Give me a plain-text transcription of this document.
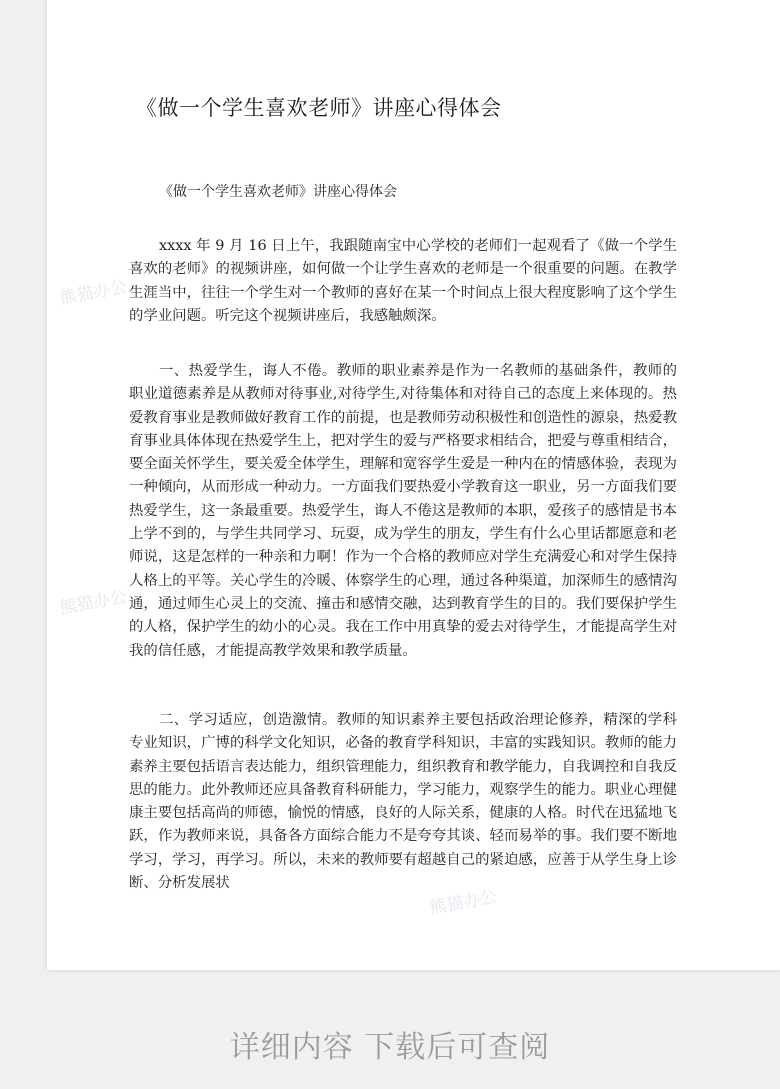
《做一个学生喜欢老师》讲座心得体会

《做一个学生喜欢老师》讲座心得体会

xxxx 年 9 月 16 日上午，我跟随南宝中心学校的老师们一起观看了《做一个学生喜欢的老师》的视频讲座，如何做一个让学生喜欢的老师是一个很重要的问题。在教学生涯当中，往往一个学生对一个教师的喜好在某一个时间点上很大程度影响了这个学生的学业问题。听完这个视频讲座后，我感触颇深。

一、热爱学生，诲人不倦。教师的职业素养是作为一名教师的基础条件，教师的职业道德素养是从教师对待事业,对待学生,对待集体和对待自己的态度上来体现的。热爱教育事业是教师做好教育工作的前提，也是教师劳动积极性和创造性的源泉，热爱教育事业具体体现在热爱学生上，把对学生的爱与严格要求相结合，把爱与尊重相结合，要全面关怀学生，要关爱全体学生，理解和宽容学生爱是一种内在的情感体验，表现为一种倾向，从而形成一种动力。一方面我们要热爱小学教育这一职业，另一方面我们要热爱学生，这一条最重要。热爱学生，诲人不倦这是教师的本职，爱孩子的感情是书本上学不到的，与学生共同学习、玩耍，成为学生的朋友，学生有什么心里话都愿意和老师说，这是怎样的一种亲和力啊！作为一个合格的教师应对学生充满爱心和对学生保持人格上的平等。关心学生的冷暖、体察学生的心理，通过各种渠道，加深师生的感情沟通，通过师生心灵上的交流、撞击和感情交融，达到教育学生的目的。我们要保护学生的人格，保护学生的幼小的心灵。我在工作中用真挚的爱去对待学生，才能提高学生对我的信任感，才能提高教学效果和教学质量。

二、学习适应，创造激情。教师的知识素养主要包括政治理论修养，精深的学科专业知识，广博的科学文化知识，必备的教育学科知识，丰富的实践知识。教师的能力素养主要包括语言表达能力，组织管理能力，组织教育和教学能力，自我调控和自我反思的能力。此外教师还应具备教育科研能力，学习能力，观察学生的能力。职业心理健康主要包括高尚的师德，愉悦的情感，良好的人际关系，健康的人格。时代在迅猛地飞跃，作为教师来说，具备各方面综合能力不是夸夸其谈、轻而易举的事。我们要不断地学习，学习，再学习。所以，未来的教师要有超越自己的紧迫感，应善于从学生身上诊断、分析发展状

熊猫办公
熊猫办公
熊猫办公
详细内容 下载后可查阅
